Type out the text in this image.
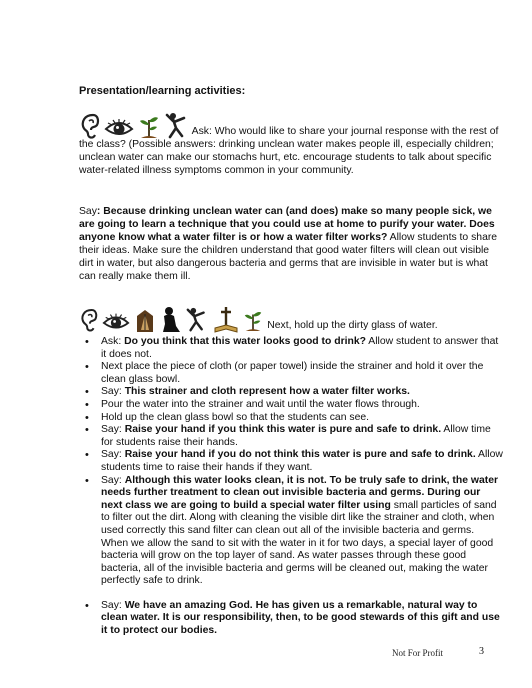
Presentation/learning activities:
Ask: Who would like to share your journal response with the rest of the class? (Possible answers: drinking unclean water makes people ill, especially children; unclean water can make our stomachs hurt, etc. encourage students to talk about specific water-related illness symptoms common in your community.
Say: Because drinking unclean water can (and does) make so many people sick, we are going to learn a technique that you could use at home to purify your water. Does anyone know what a water filter is or how a water filter works? Allow students to share their ideas. Make sure the children understand that good water filters will clean out visible dirt in water, but also dangerous bacteria and germs that are invisible in water but is what can really make them ill.
Next, hold up the dirty glass of water.
• Ask: Do you think that this water looks good to drink? Allow student to answer that it does not.
• Next place the piece of cloth (or paper towel) inside the strainer and hold it over the clean glass bowl.
• Say: This strainer and cloth represent how a water filter works.
• Pour the water into the strainer and wait until the water flows through.
• Hold up the clean glass bowl so that the students can see.
• Say: Raise your hand if you think this water is pure and safe to drink. Allow time for students raise their hands.
• Say: Raise your hand if you do not think this water is pure and safe to drink. Allow students time to raise their hands if they want.
• Say: Although this water looks clean, it is not. To be truly safe to drink, the water needs further treatment to clean out invisible bacteria and germs. During our next class we are going to build a special water filter using small particles of sand to filter out the dirt. Along with cleaning the visible dirt like the strainer and cloth, when used correctly this sand filter can clean out all of the invisible bacteria and germs. When we allow the sand to sit with the water in it for two days, a special layer of good bacteria will grow on the top layer of sand. As water passes through these good bacteria, all of the invisible bacteria and germs will be cleaned out, making the water perfectly safe to drink.
• Say: We have an amazing God. He has given us a remarkable, natural way to clean water. It is our responsibility, then, to be good stewards of this gift and use it to protect our bodies.
Not For Profit	3
